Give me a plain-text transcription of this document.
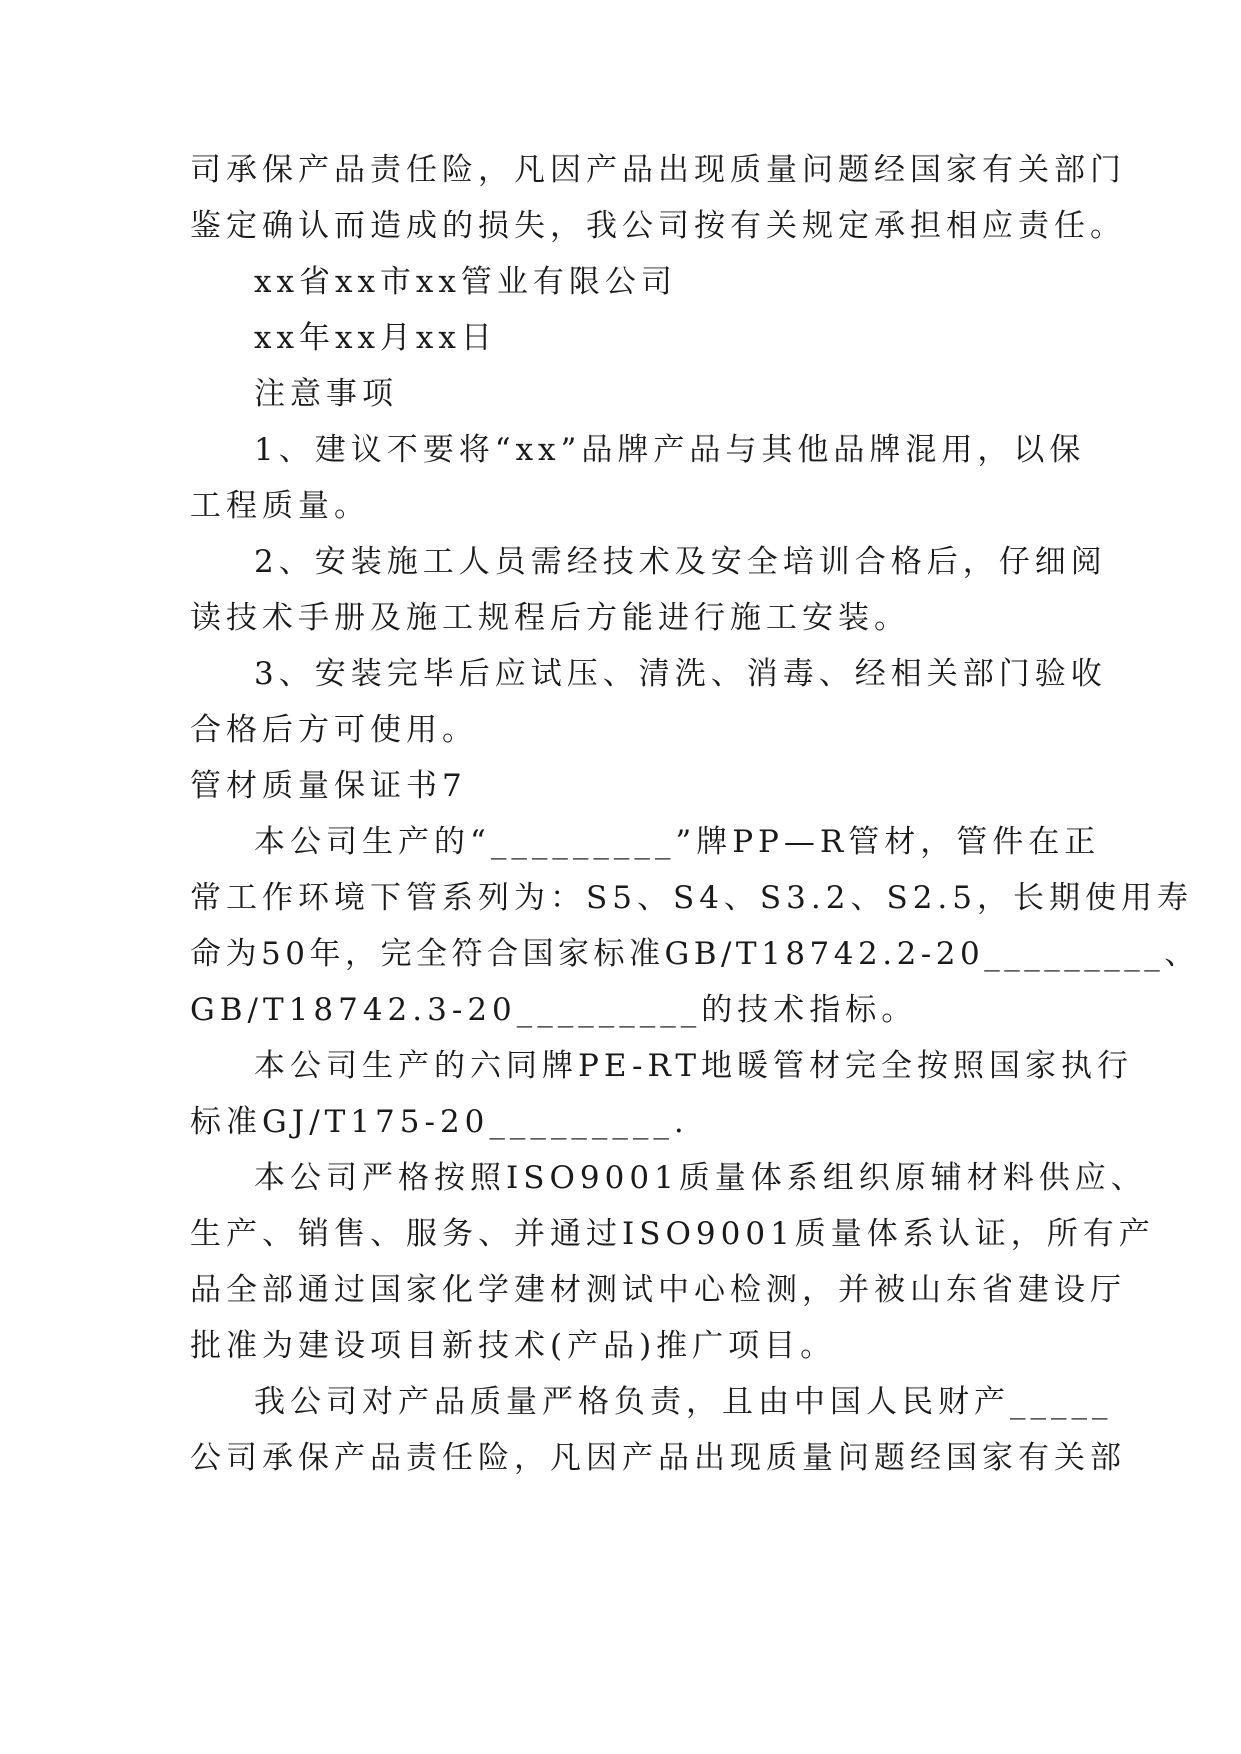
司承保产品责任险，凡因产品出现质量问题经国家有关部门
鉴定确认而造成的损失，我公司按有关规定承担相应责任。
xx省xx市xx管业有限公司
xx年xx月xx日
注意事项
1、建议不要将“xx”品牌产品与其他品牌混用，以保
工程质量。
2、安装施工人员需经技术及安全培训合格后，仔细阅
读技术手册及施工规程后方能进行施工安装。
3、安装完毕后应试压、清洗、消毒、经相关部门验收
合格后方可使用。
管材质量保证书7
本公司生产的“_________”牌PP—R管材，管件在正
常工作环境下管系列为：S5、S4、S3.2、S2.5，长期使用寿
命为50年，完全符合国家标准GB/T18742.2-20_________、
GB/T18742.3-20_________的技术指标。
本公司生产的六同牌PE-RT地暖管材完全按照国家执行
标准GJ/T175-20_________.
本公司严格按照ISO9001质量体系组织原辅材料供应、
生产、销售、服务、并通过ISO9001质量体系认证，所有产
品全部通过国家化学建材测试中心检测，并被山东省建设厅
批准为建设项目新技术(产品)推广项目。
我公司对产品质量严格负责，且由中国人民财产_____
公司承保产品责任险，凡因产品出现质量问题经国家有关部
